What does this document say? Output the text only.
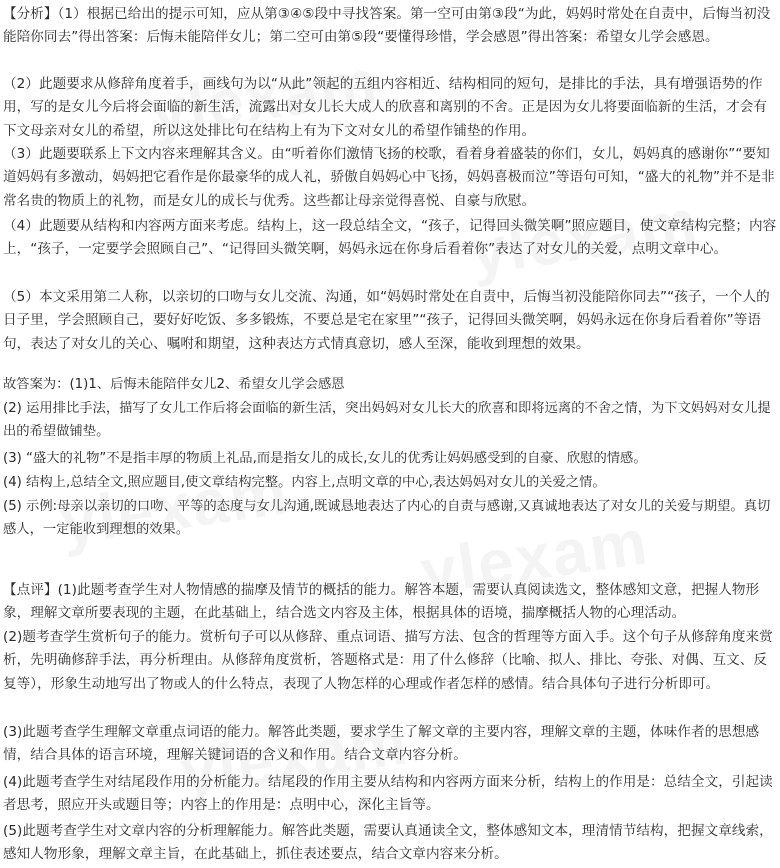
【分析】（1）根据已给出的提示可知，应从第③④⑤段中寻找答案。第一空可由第③段“为此，妈妈时常处在自责中，后悔当初没能陪你同去”得出答案：后悔未能陪伴女儿；第二空可由第⑤段“要懂得珍惜，学会感恩”得出答案：希望女儿学会感恩。

（2）此题要求从修辞角度着手，画线句为以“从此”领起的五组内容相近、结构相同的短句，是排比的手法，具有增强语势的作用，写的是女儿今后将会面临的新生活，流露出对女儿长大成人的欣喜和离别的不舍。正是因为女儿将要面临新的生活，才会有下文母亲对女儿的希望，所以这处排比句在结构上有为下文对女儿的希望作铺垫的作用。

（3）此题要联系上下文内容来理解其含义。由“听着你们激情飞扬的校歌，看着身着盛装的你们，女儿，妈妈真的感谢你”“要知道妈妈有多激动，妈妈把它看作是你最豪华的成人礼，骄傲自妈妈心中飞扬，妈妈喜极而泣”等语句可知，“盛大的礼物”并不是非常名贵的物质上的礼物，而是女儿的成长与优秀。这些都让母亲觉得喜悦、自豪与欣慰。

（4）此题要从结构和内容两方面来考虑。结构上，这一段总结全文，“孩子，记得回头微笑啊”照应题目，使文章结构完整；内容上，“孩子，一定要学会照顾自己”、“记得回头微笑啊，妈妈永远在你身后看着你”表达了对女儿的关爱，点明文章中心。

（5）本文采用第二人称，以亲切的口吻与女儿交流、沟通，如“妈妈时常处在自责中，后悔当初没能陪你同去”“孩子，一个人的日子里，学会照顾自己，要好好吃饭、多多锻炼，不要总是宅在家里”“孩子，记得回头微笑啊，妈妈永远在你身后看着你”等语句，表达了对女儿的关心、嘱咐和期望，这种表达方式情真意切，感人至深，能收到理想的效果。

故答案为：(1)1、后悔未能陪伴女儿2、希望女儿学会感恩

(2) 运用排比手法，描写了女儿工作后将会面临的新生活，突出妈妈对女儿长大的欣喜和即将远离的不舍之情，为下文妈妈对女儿提出的希望做铺垫。

(3) “盛大的礼物”不是指丰厚的物质上礼品,而是指女儿的成长,女儿的优秀让妈妈感受到的自豪、欣慰的情感。

(4) 结构上,总结全文,照应题目,使文章结构完整。内容上,点明文章的中心,表达妈妈对女儿的关爱之情。

(5) 示例:母亲以亲切的口吻、平等的态度与女儿沟通,既诚恳地表达了内心的自责与感谢,又真诚地表达了对女儿的关爱与期望。真切感人，一定能收到理想的效果。

【点评】(1)此题考查学生对人物情感的揣摩及情节的概括的能力。解答本题，需要认真阅读选文，整体感知文意，把握人物形象，理解文章所要表现的主题，在此基础上，结合选文内容及主体，根据具体的语境，揣摩概括人物的心理活动。

(2)题考查学生赏析句子的能力。赏析句子可以从修辞、重点词语、描写方法、包含的哲理等方面入手。这个句子从修辞角度来赏析，先明确修辞手法，再分析理由。从修辞角度赏析，答题格式是：用了什么修辞（比喻、拟人、排比、夸张、对偶、互文、反复等），形象生动地写出了物或人的什么特点，表现了人物怎样的心理或作者怎样的感情。结合具体句子进行分析即可。

(3)此题考查学生理解文章重点词语的能力。解答此类题，要求学生了解文章的主要内容，理解文章的主题，体味作者的思想感情，结合具体的语言环境，理解关键词语的含义和作用。结合文章内容分析。

(4)此题考查学生对结尾段作用的分析能力。结尾段的作用主要从结构和内容两方面来分析，结构上的作用是：总结全文，引起读者思考，照应开头或题目等；内容上的作用是：点明中心，深化主旨等。

(5)此题考查学生对文章内容的分析理解能力。解答此类题，需要认真通读全文，整体感知文本，理清情节结构，把握文章线索，感知人物形象，理解文章主旨，在此基础上，抓住表述要点，结合文章内容来分析。
